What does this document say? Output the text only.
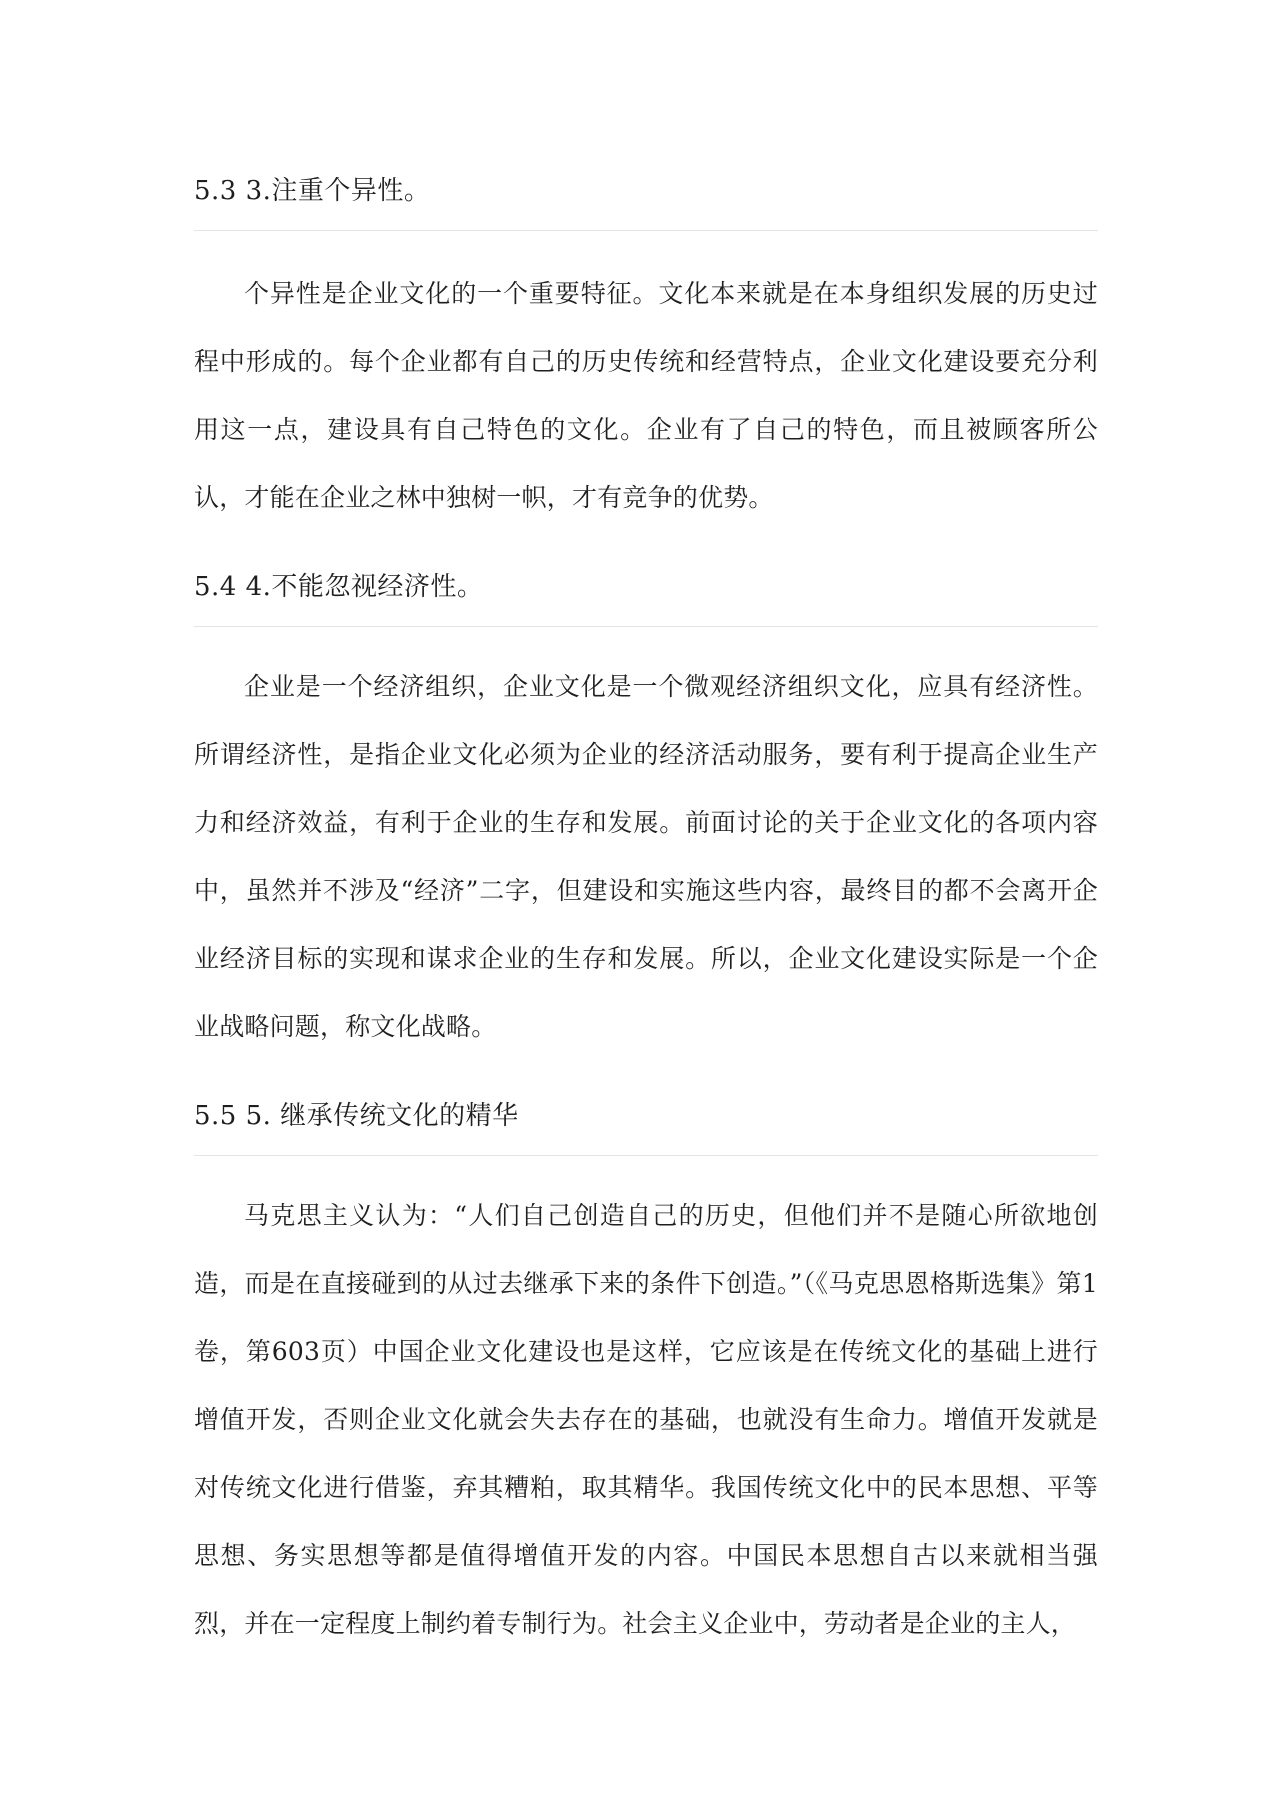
5.3 3.注重个异性。

个异性是企业文化的一个重要特征。文化本来就是在本身组织发展的历史过程中形成的。每个企业都有自己的历史传统和经营特点，企业文化建设要充分利用这一点，建设具有自己特色的文化。企业有了自己的特色，而且被顾客所公认，才能在企业之林中独树一帜，才有竞争的优势。

5.4 4.不能忽视经济性。

企业是一个经济组织，企业文化是一个微观经济组织文化，应具有经济性。所谓经济性，是指企业文化必须为企业的经济活动服务，要有利于提高企业生产力和经济效益，有利于企业的生存和发展。前面讨论的关于企业文化的各项内容中，虽然并不涉及“经济”二字，但建设和实施这些内容，最终目的都不会离开企业经济目标的实现和谋求企业的生存和发展。所以，企业文化建设实际是一个企业战略问题，称文化战略。

5.5 5. 继承传统文化的精华

马克思主义认为：“人们自己创造自己的历史，但他们并不是随心所欲地创造，而是在直接碰到的从过去继承下来的条件下创造。”（《马克思恩格斯选集》第1卷，第603页）中国企业文化建设也是这样，它应该是在传统文化的基础上进行增值开发，否则企业文化就会失去存在的基础，也就没有生命力。增值开发就是对传统文化进行借鉴，弃其糟粕，取其精华。我国传统文化中的民本思想、平等思想、务实思想等都是值得增值开发的内容。中国民本思想自古以来就相当强烈，并在一定程度上制约着专制行为。社会主义企业中，劳动者是企业的主人，
